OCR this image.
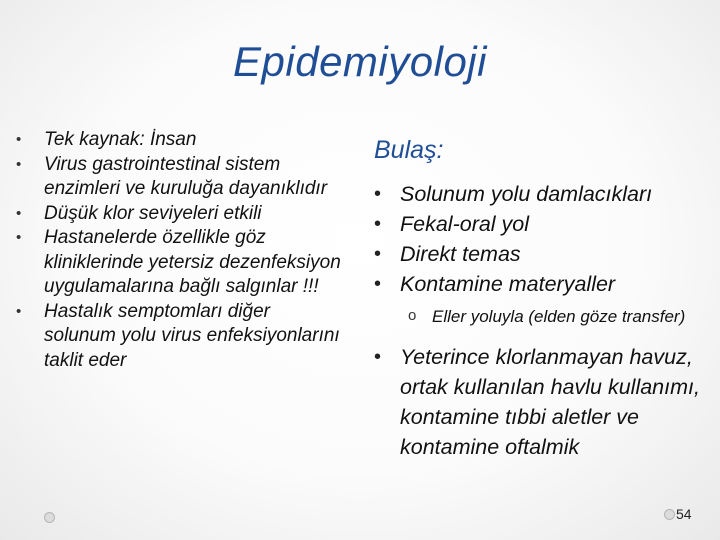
Epidemiyoloji
• Tek kaynak: İnsan
• Virus gastrointestinal sistem enzimleri ve kuruluğa dayanıklıdır
• Düşük klor seviyeleri etkili
• Hastanelerde özellikle göz kliniklerinde yetersiz dezenfeksiyon uygulamalarına bağlı salgınlar !!!
• Hastalık semptomları diğer solunum yolu virus enfeksiyonlarını taklit eder
Bulaş:
• Solunum yolu damlacıkları
• Fekal-oral yol
• Direkt temas
• Kontamine materyaller
o Eller yoluyla (elden göze transfer)
• Yeterince klorlanmayan havuz, ortak kullanılan havlu kullanımı, kontamine tıbbi aletler ve kontamine oftalmik
54
